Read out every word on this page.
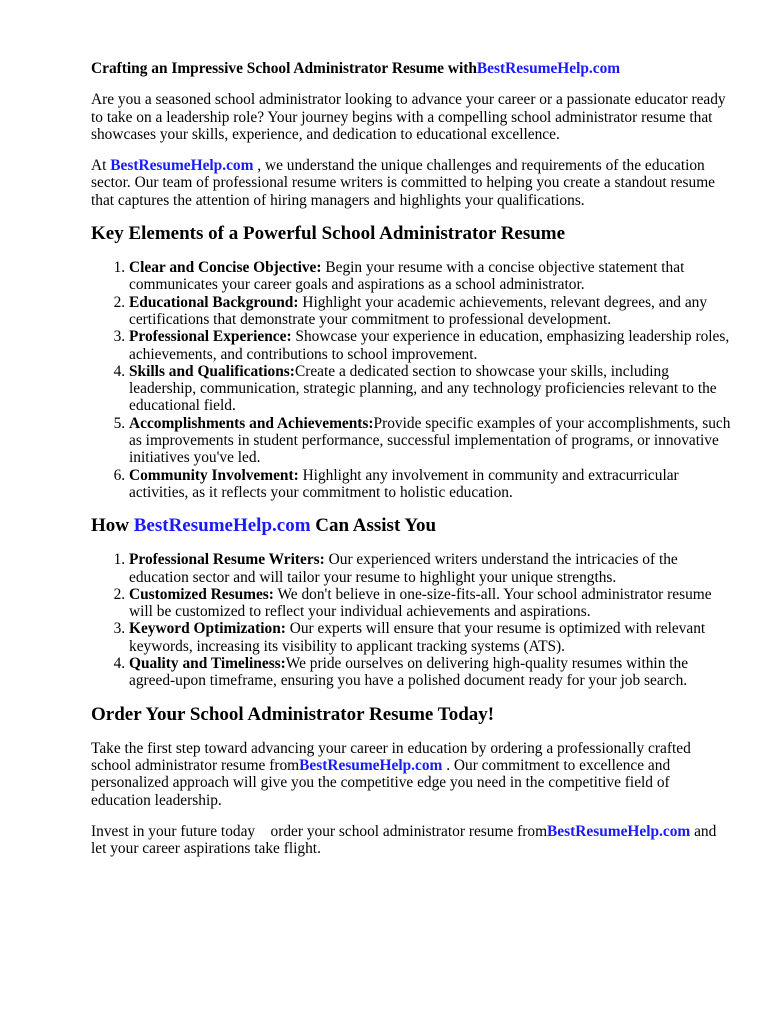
Crafting an Impressive School Administrator Resume withBestResumeHelp.com

Are you a seasoned school administrator looking to advance your career or a passionate educator ready to take on a leadership role? Your journey begins with a compelling school administrator resume that showcases your skills, experience, and dedication to educational excellence.

At BestResumeHelp.com , we understand the unique challenges and requirements of the education sector. Our team of professional resume writers is committed to helping you create a standout resume that captures the attention of hiring managers and highlights your qualifications.

Key Elements of a Powerful School Administrator Resume
1. Clear and Concise Objective: Begin your resume with a concise objective statement that communicates your career goals and aspirations as a school administrator.
2. Educational Background: Highlight your academic achievements, relevant degrees, and any certifications that demonstrate your commitment to professional development.
3. Professional Experience: Showcase your experience in education, emphasizing leadership roles, achievements, and contributions to school improvement.
4. Skills and Qualifications:Create a dedicated section to showcase your skills, including leadership, communication, strategic planning, and any technology proficiencies relevant to the educational field.
5. Accomplishments and Achievements:Provide specific examples of your accomplishments, such as improvements in student performance, successful implementation of programs, or innovative initiatives you've led.
6. Community Involvement: Highlight any involvement in community and extracurricular activities, as it reflects your commitment to holistic education.
How BestResumeHelp.com Can Assist You
1. Professional Resume Writers: Our experienced writers understand the intricacies of the education sector and will tailor your resume to highlight your unique strengths.
2. Customized Resumes: We don't believe in one-size-fits-all. Your school administrator resume will be customized to reflect your individual achievements and aspirations.
3. Keyword Optimization: Our experts will ensure that your resume is optimized with relevant keywords, increasing its visibility to applicant tracking systems (ATS).
4. Quality and Timeliness:We pride ourselves on delivering high-quality resumes within the agreed-upon timeframe, ensuring you have a polished document ready for your job search.
Order Your School Administrator Resume Today!

Take the first step toward advancing your career in education by ordering a professionally crafted school administrator resume fromBestResumeHelp.com . Our commitment to excellence and personalized approach will give you the competitive edge you need in the competitive field of education leadership.

Invest in your future today    order your school administrator resume fromBestResumeHelp.com and let your career aspirations take flight.
